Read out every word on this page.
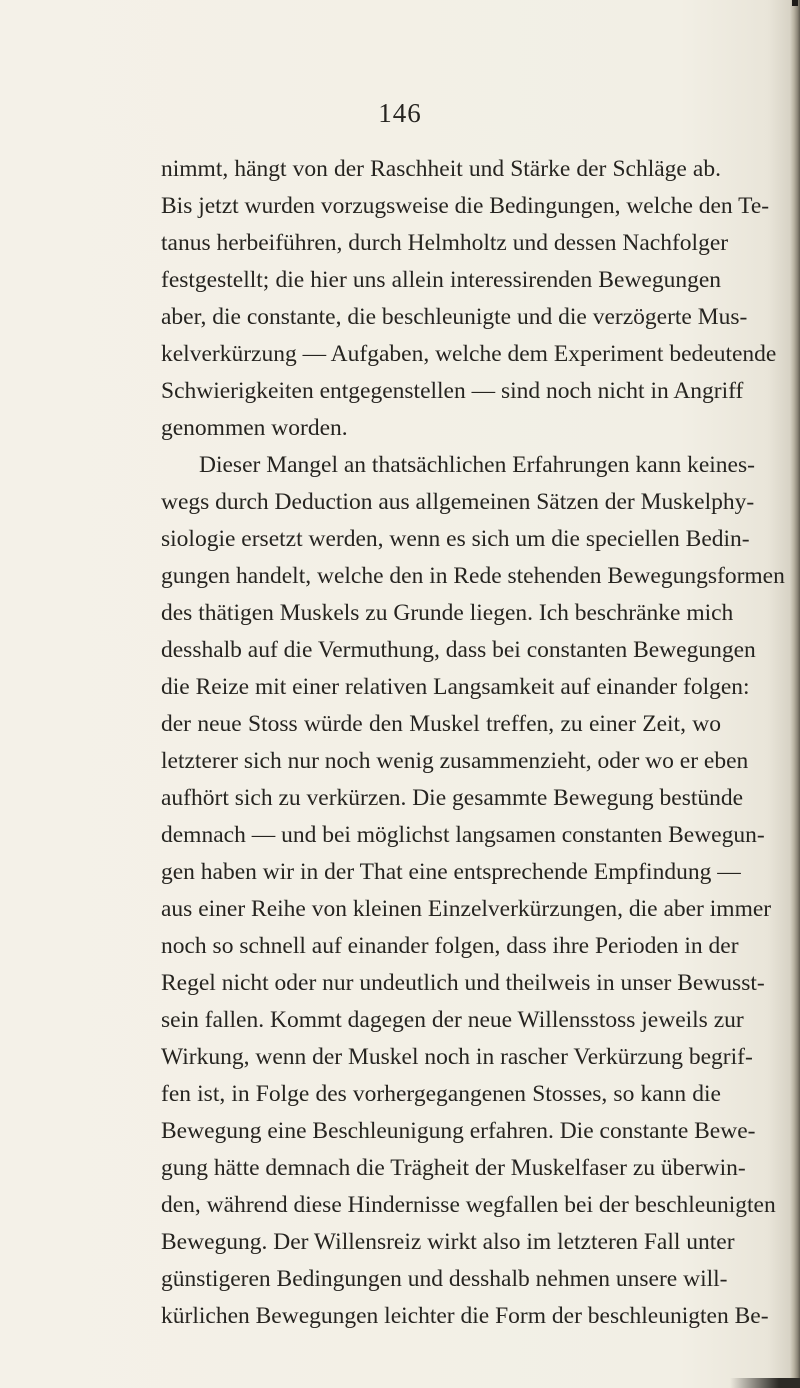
146
nimmt, hängt von der Raschheit und Stärke der Schläge ab.
Bis jetzt wurden vorzugsweise die Bedingungen, welche den Te-
tanus herbeiführen, durch Helmholtz und dessen Nachfolger
festgestellt; die hier uns allein interessirenden Bewegungen
aber, die constante, die beschleunigte und die verzögerte Mus-
kelverkürzung — Aufgaben, welche dem Experiment bedeutende
Schwierigkeiten entgegenstellen — sind noch nicht in Angriff
genommen worden.
Dieser Mangel an thatsächlichen Erfahrungen kann keines-
wegs durch Deduction aus allgemeinen Sätzen der Muskelphy-
siologie ersetzt werden, wenn es sich um die speciellen Bedin-
gungen handelt, welche den in Rede stehenden Bewegungsformen
des thätigen Muskels zu Grunde liegen. Ich beschränke mich
desshalb auf die Vermuthung, dass bei constanten Bewegungen
die Reize mit einer relativen Langsamkeit auf einander folgen:
der neue Stoss würde den Muskel treffen, zu einer Zeit, wo
letzterer sich nur noch wenig zusammenzieht, oder wo er eben
aufhört sich zu verkürzen. Die gesammte Bewegung bestünde
demnach — und bei möglichst langsamen constanten Bewegun-
gen haben wir in der That eine entsprechende Empfindung —
aus einer Reihe von kleinen Einzelverkürzungen, die aber immer
noch so schnell auf einander folgen, dass ihre Perioden in der
Regel nicht oder nur undeutlich und theilweis in unser Bewusst-
sein fallen. Kommt dagegen der neue Willensstoss jeweils zur
Wirkung, wenn der Muskel noch in rascher Verkürzung begrif-
fen ist, in Folge des vorhergegangenen Stosses, so kann die
Bewegung eine Beschleunigung erfahren. Die constante Bewe-
gung hätte demnach die Trägheit der Muskelfaser zu überwin-
den, während diese Hindernisse wegfallen bei der beschleunigten
Bewegung. Der Willensreiz wirkt also im letzteren Fall unter
günstigeren Bedingungen und desshalb nehmen unsere will-
kürlichen Bewegungen leichter die Form der beschleunigten Be-
